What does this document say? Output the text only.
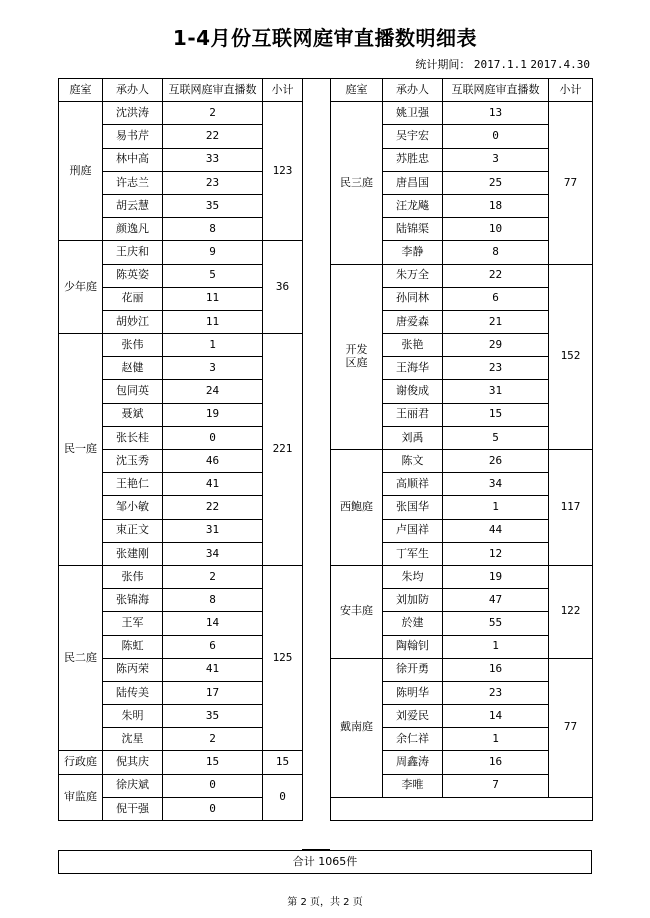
1-4月份互联网庭审直播数明细表
统计期间： 2017.1.1 2017.4.30
庭室	承办人	互联网庭审直播数	小计
刑庭	沈洪涛	2	123
	易书芹	22	
	林中高	33	
	许志兰	23	
	胡云慧	35	
	颜逸凡	8	
少年庭	王庆和	9	36
	陈英姿	5	
	花丽	11	
	胡妙江	11	
民一庭	张伟	1	221
	赵健	3	
	包同英	24	
	聂斌	19	
	张长桂	0	
	沈玉秀	46	
	王艳仁	41	
	邹小敏	22	
	束正文	31	
	张建刚	34	
民二庭	张伟	2	125
	张锦海	8	
	王军	14	
	陈虹	6	
	陈丙荣	41	
	陆传美	17	
	朱明	35	
	沈星	2	
行政庭	倪其庆	15	15
审监庭	徐庆斌	0	0
	倪干强	0	
庭室	承办人	互联网庭审直播数	小计
民三庭	姚卫强	13	77
	吴宇宏	0	
	苏胜忠	3	
	唐昌国	25	
	汪龙飚	18	
	陆锦渠	10	
	李静	8	
开发
区庭	朱万全	22	152
	孙同林	6	
	唐爱森	21	
	张艳	29	
	王海华	23	
	谢俊成	31	
	王丽君	15	
	刘禹	5	
西鲍庭	陈文	26	117
	高顺祥	34	
	张国华	1	
	卢国祥	44	
	丁军生	12	
安丰庭	朱均	19	122
	刘加防	47	
	於建	55	
	陶翰钊	1	
戴南庭	徐开勇	16	77
	陈明华	23	
	刘爱民	14	
	余仁祥	1	
	周鑫涛	16	
	李唯	7	

合计 1065件
第 2 页，共 2 页
